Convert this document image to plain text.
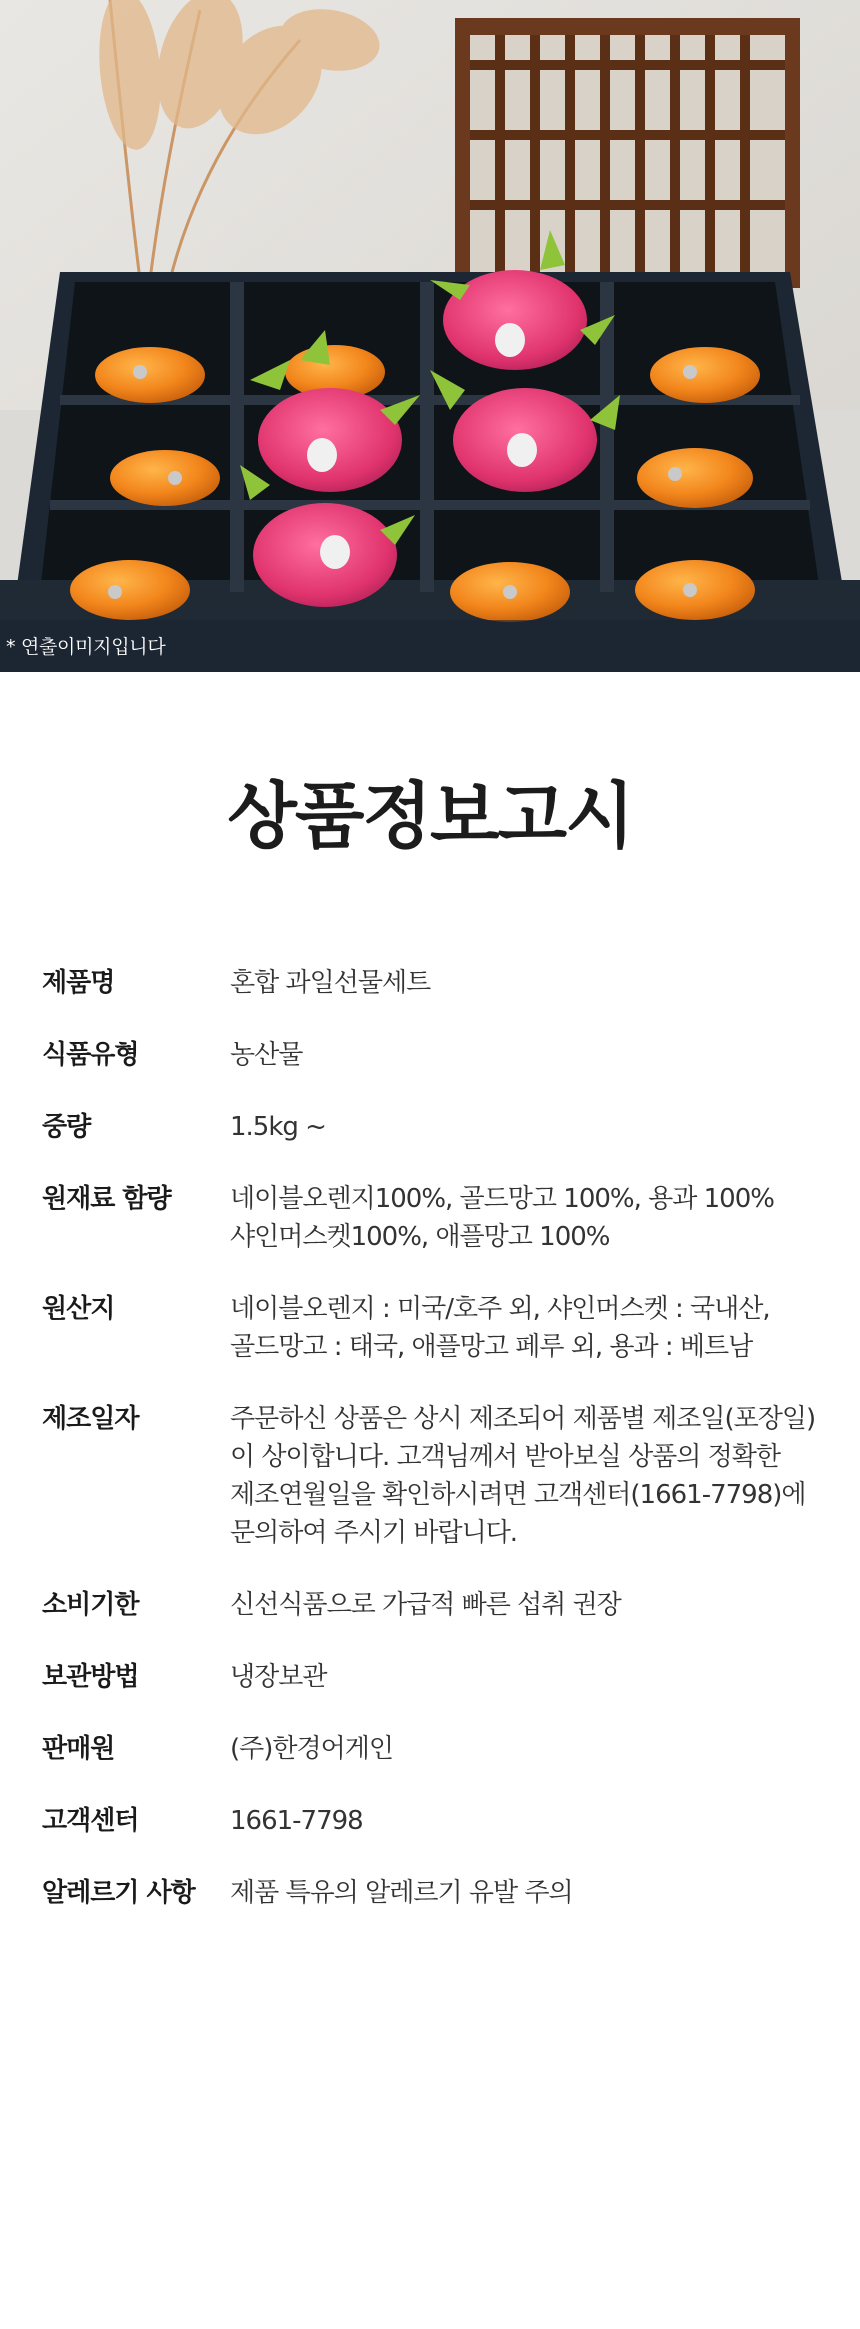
* 연출이미지입니다
상품정보고시
제품명	혼합 과일선물세트
식품유형	농산물
중량	1.5kg ~
원재료 함량	네이블오렌지100%, 골드망고 100%, 용과 100%
샤인머스켓100%, 애플망고 100%
원산지	네이블오렌지 : 미국/호주 외, 샤인머스켓 : 국내산,
골드망고 : 태국, 애플망고 페루 외, 용과 : 베트남
제조일자	주문하신 상품은 상시 제조되어 제품별 제조일(포장일)
이 상이합니다. 고객님께서 받아보실 상품의 정확한
제조연월일을 확인하시려면 고객센터(1661-7798)에
문의하여 주시기 바랍니다.
소비기한	신선식품으로 가급적 빠른 섭취 권장
보관방법	냉장보관
판매원	(주)한경어게인
고객센터	1661-7798
알레르기 사항	제품 특유의 알레르기 유발 주의
